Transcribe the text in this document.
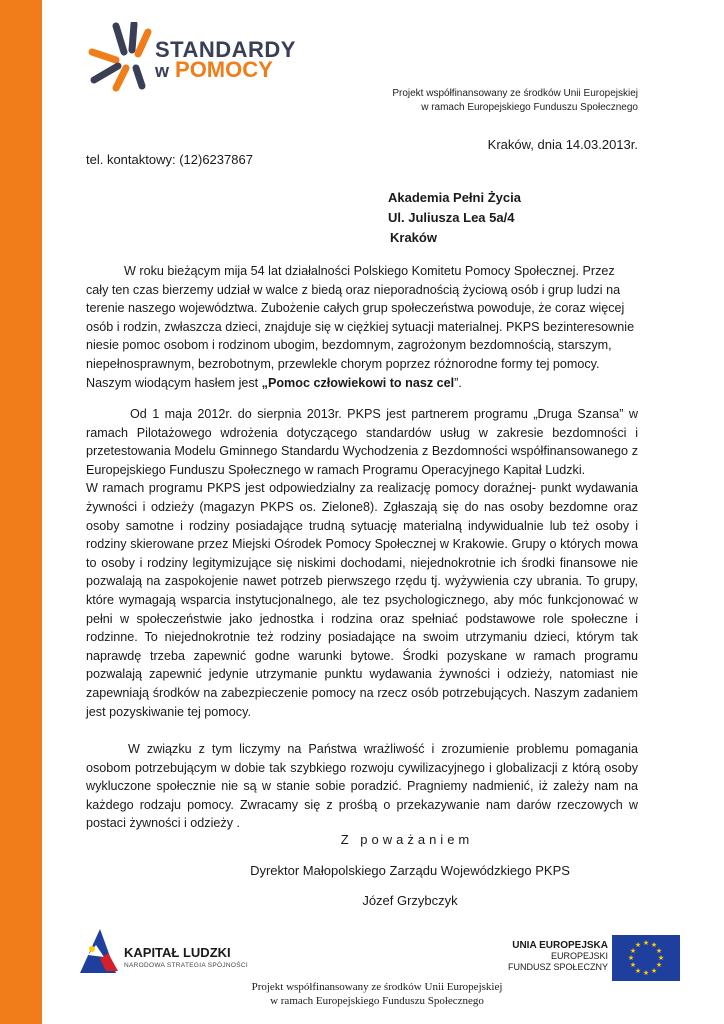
STANDARDY
w POMOCY
Projekt współfinansowany ze środków Unii Europejskiej
w ramach Europejskiego Funduszu Społecznego
Kraków, dnia 14.03.2013r.
tel. kontaktowy: (12)6237867
Akademia Pełni Życia
Ul. Juliusza Lea 5a/4
Kraków
W roku bieżącym mija 54 lat działalności Polskiego Komitetu Pomocy Społecznej. Przez cały ten czas bierzemy udział w walce z biedą oraz nieporadnością życiową osób i grup ludzi na terenie naszego województwa. Zubożenie całych grup społeczeństwa powoduje, że coraz więcej osób i rodzin, zwłaszcza dzieci, znajduje się w ciężkiej sytuacji materialnej. PKPS bezinteresownie niesie pomoc osobom i rodzinom ubogim, bezdomnym, zagrożonym bezdomnością, starszym, niepełnosprawnym, bezrobotnym, przewlekle chorym poprzez różnorodne formy tej pomocy. Naszym wiodącym hasłem jest „Pomoc człowiekowi to nasz cel”.
Od 1 maja 2012r. do sierpnia 2013r. PKPS jest partnerem programu „Druga Szansa” w ramach Pilotażowego wdrożenia dotyczącego standardów usług w zakresie bezdomności i przetestowania Modelu Gminnego Standardu Wychodzenia z Bezdomności współfinansowanego z Europejskiego Funduszu Społecznego w ramach Programu Operacyjnego Kapitał Ludzki.
W ramach programu PKPS jest odpowiedzialny za realizację pomocy doraźnej- punkt wydawania żywności i odzieży (magazyn PKPS os. Zielone8). Zgłaszają się do nas osoby bezdomne oraz osoby samotne i rodziny posiadające trudną sytuację materialną indywidualnie lub też osoby i rodziny skierowane przez Miejski Ośrodek Pomocy Społecznej w Krakowie. Grupy o których mowa to osoby i rodziny legitymizujące się niskimi dochodami, niejednokrotnie ich środki finansowe nie pozwalają na zaspokojenie nawet potrzeb pierwszego rzędu tj. wyżywienia czy ubrania. To grupy, które wymagają wsparcia instytucjonalnego, ale tez psychologicznego, aby móc funkcjonować w pełni w społeczeństwie jako jednostka i rodzina oraz spełniać podstawowe role społeczne i rodzinne. To niejednokrotnie też rodziny posiadające na swoim utrzymaniu dzieci, którym tak naprawdę trzeba zapewnić godne warunki bytowe. Środki pozyskane w ramach programu pozwalają zapewnić jedynie utrzymanie punktu wydawania żywności i odzieży, natomiast nie zapewniają środków na zabezpieczenie pomocy na rzecz osób potrzebujących. Naszym zadaniem jest pozyskiwanie tej pomocy.
W związku z tym liczymy na Państwa wrażliwość i zrozumienie problemu pomagania osobom potrzebującym w dobie tak szybkiego rozwoju cywilizacyjnego i globalizacji z którą osoby wykluczone społecznie nie są w stanie sobie poradzić. Pragniemy nadmienić, iż zależy nam na każdego rodzaju pomocy. Zwracamy się z prośbą o przekazywanie nam darów rzeczowych w postaci żywności i odzieży .
Z poważaniem
Dyrektor Małopolskiego Zarządu Wojewódzkiego PKPS
Józef Grzybczyk
KAPITAŁ LUDZKI
NARODOWA STRATEGIA SPÓJNOŚCI
UNIA EUROPEJSKA
EUROPEJSKI
FUNDUSZ SPOŁECZNY
★ ★
★
★
★
★
★
★
★
★
★
★
Projekt współfinansowany ze środków Unii Europejskiej
w ramach Europejskiego Funduszu Społecznego
